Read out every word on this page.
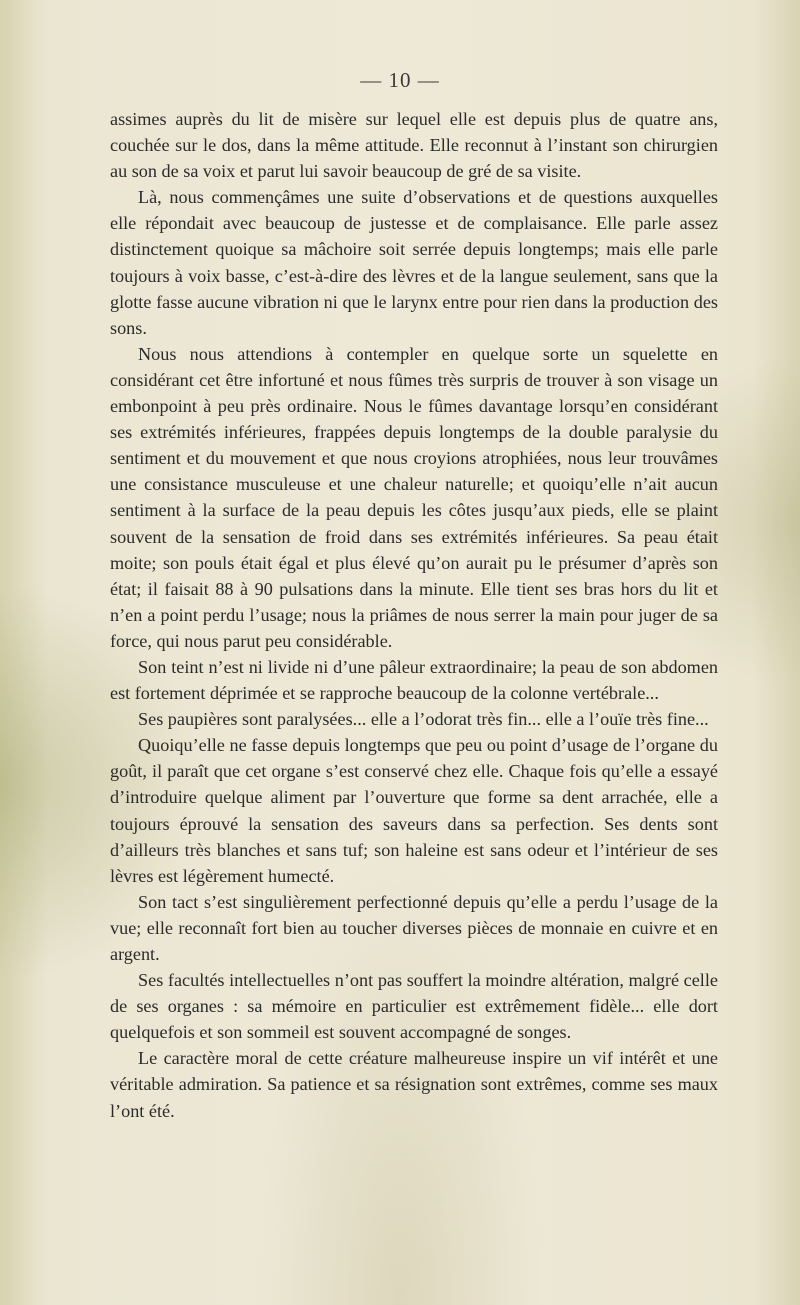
— 10 —

assimes auprès du lit de misère sur lequel elle est depuis plus de quatre ans, couchée sur le dos, dans la même attitude. Elle reconnut à l’instant son chirurgien au son de sa voix et parut lui savoir beaucoup de gré de sa visite.

Là, nous commençâmes une suite d’observations et de questions auxquelles elle répondait avec beaucoup de justesse et de complaisance. Elle parle assez distinctement quoique sa mâchoire soit serrée depuis longtemps; mais elle parle toujours à voix basse, c’est-à-dire des lèvres et de la langue seulement, sans que la glotte fasse aucune vibration ni que le larynx entre pour rien dans la production des sons.

Nous nous attendions à contempler en quelque sorte un squelette en considérant cet être infortuné et nous fûmes très surpris de trouver à son visage un embonpoint à peu près ordinaire. Nous le fûmes davantage lorsqu’en considérant ses extrémités inférieures, frappées depuis longtemps de la double paralysie du sentiment et du mouvement et que nous croyions atrophiées, nous leur trouvâmes une consistance musculeuse et une chaleur naturelle; et quoiqu’elle n’ait aucun sentiment à la surface de la peau depuis les côtes jusqu’aux pieds, elle se plaint souvent de la sensation de froid dans ses extrémités inférieures. Sa peau était moite; son pouls était égal et plus élevé qu’on aurait pu le présumer d’après son état; il faisait 88 à 90 pulsations dans la minute. Elle tient ses bras hors du lit et n’en a point perdu l’usage; nous la priâmes de nous serrer la main pour juger de sa force, qui nous parut peu considérable.

Son teint n’est ni livide ni d’une pâleur extraordinaire; la peau de son abdomen est fortement déprimée et se rapproche beaucoup de la colonne vertébrale...

Ses paupières sont paralysées... elle a l’odorat très fin... elle a l’ouïe très fine...

Quoiqu’elle ne fasse depuis longtemps que peu ou point d’usage de l’organe du goût, il paraît que cet organe s’est conservé chez elle. Chaque fois qu’elle a essayé d’introduire quelque aliment par l’ouverture que forme sa dent arrachée, elle a toujours éprouvé la sensation des saveurs dans sa perfection. Ses dents sont d’ailleurs très blanches et sans tuf; son haleine est sans odeur et l’intérieur de ses lèvres est légèrement humecté.

Son tact s’est singulièrement perfectionné depuis qu’elle a perdu l’usage de la vue; elle reconnaît fort bien au toucher diverses pièces de monnaie en cuivre et en argent.

Ses facultés intellectuelles n’ont pas souffert la moindre altération, malgré celle de ses organes : sa mémoire en particulier est extrêmement fidèle... elle dort quelquefois et son sommeil est souvent accompagné de songes.

Le caractère moral de cette créature malheureuse inspire un vif intérêt et une véritable admiration. Sa patience et sa résignation sont extrêmes, comme ses maux l’ont été.
